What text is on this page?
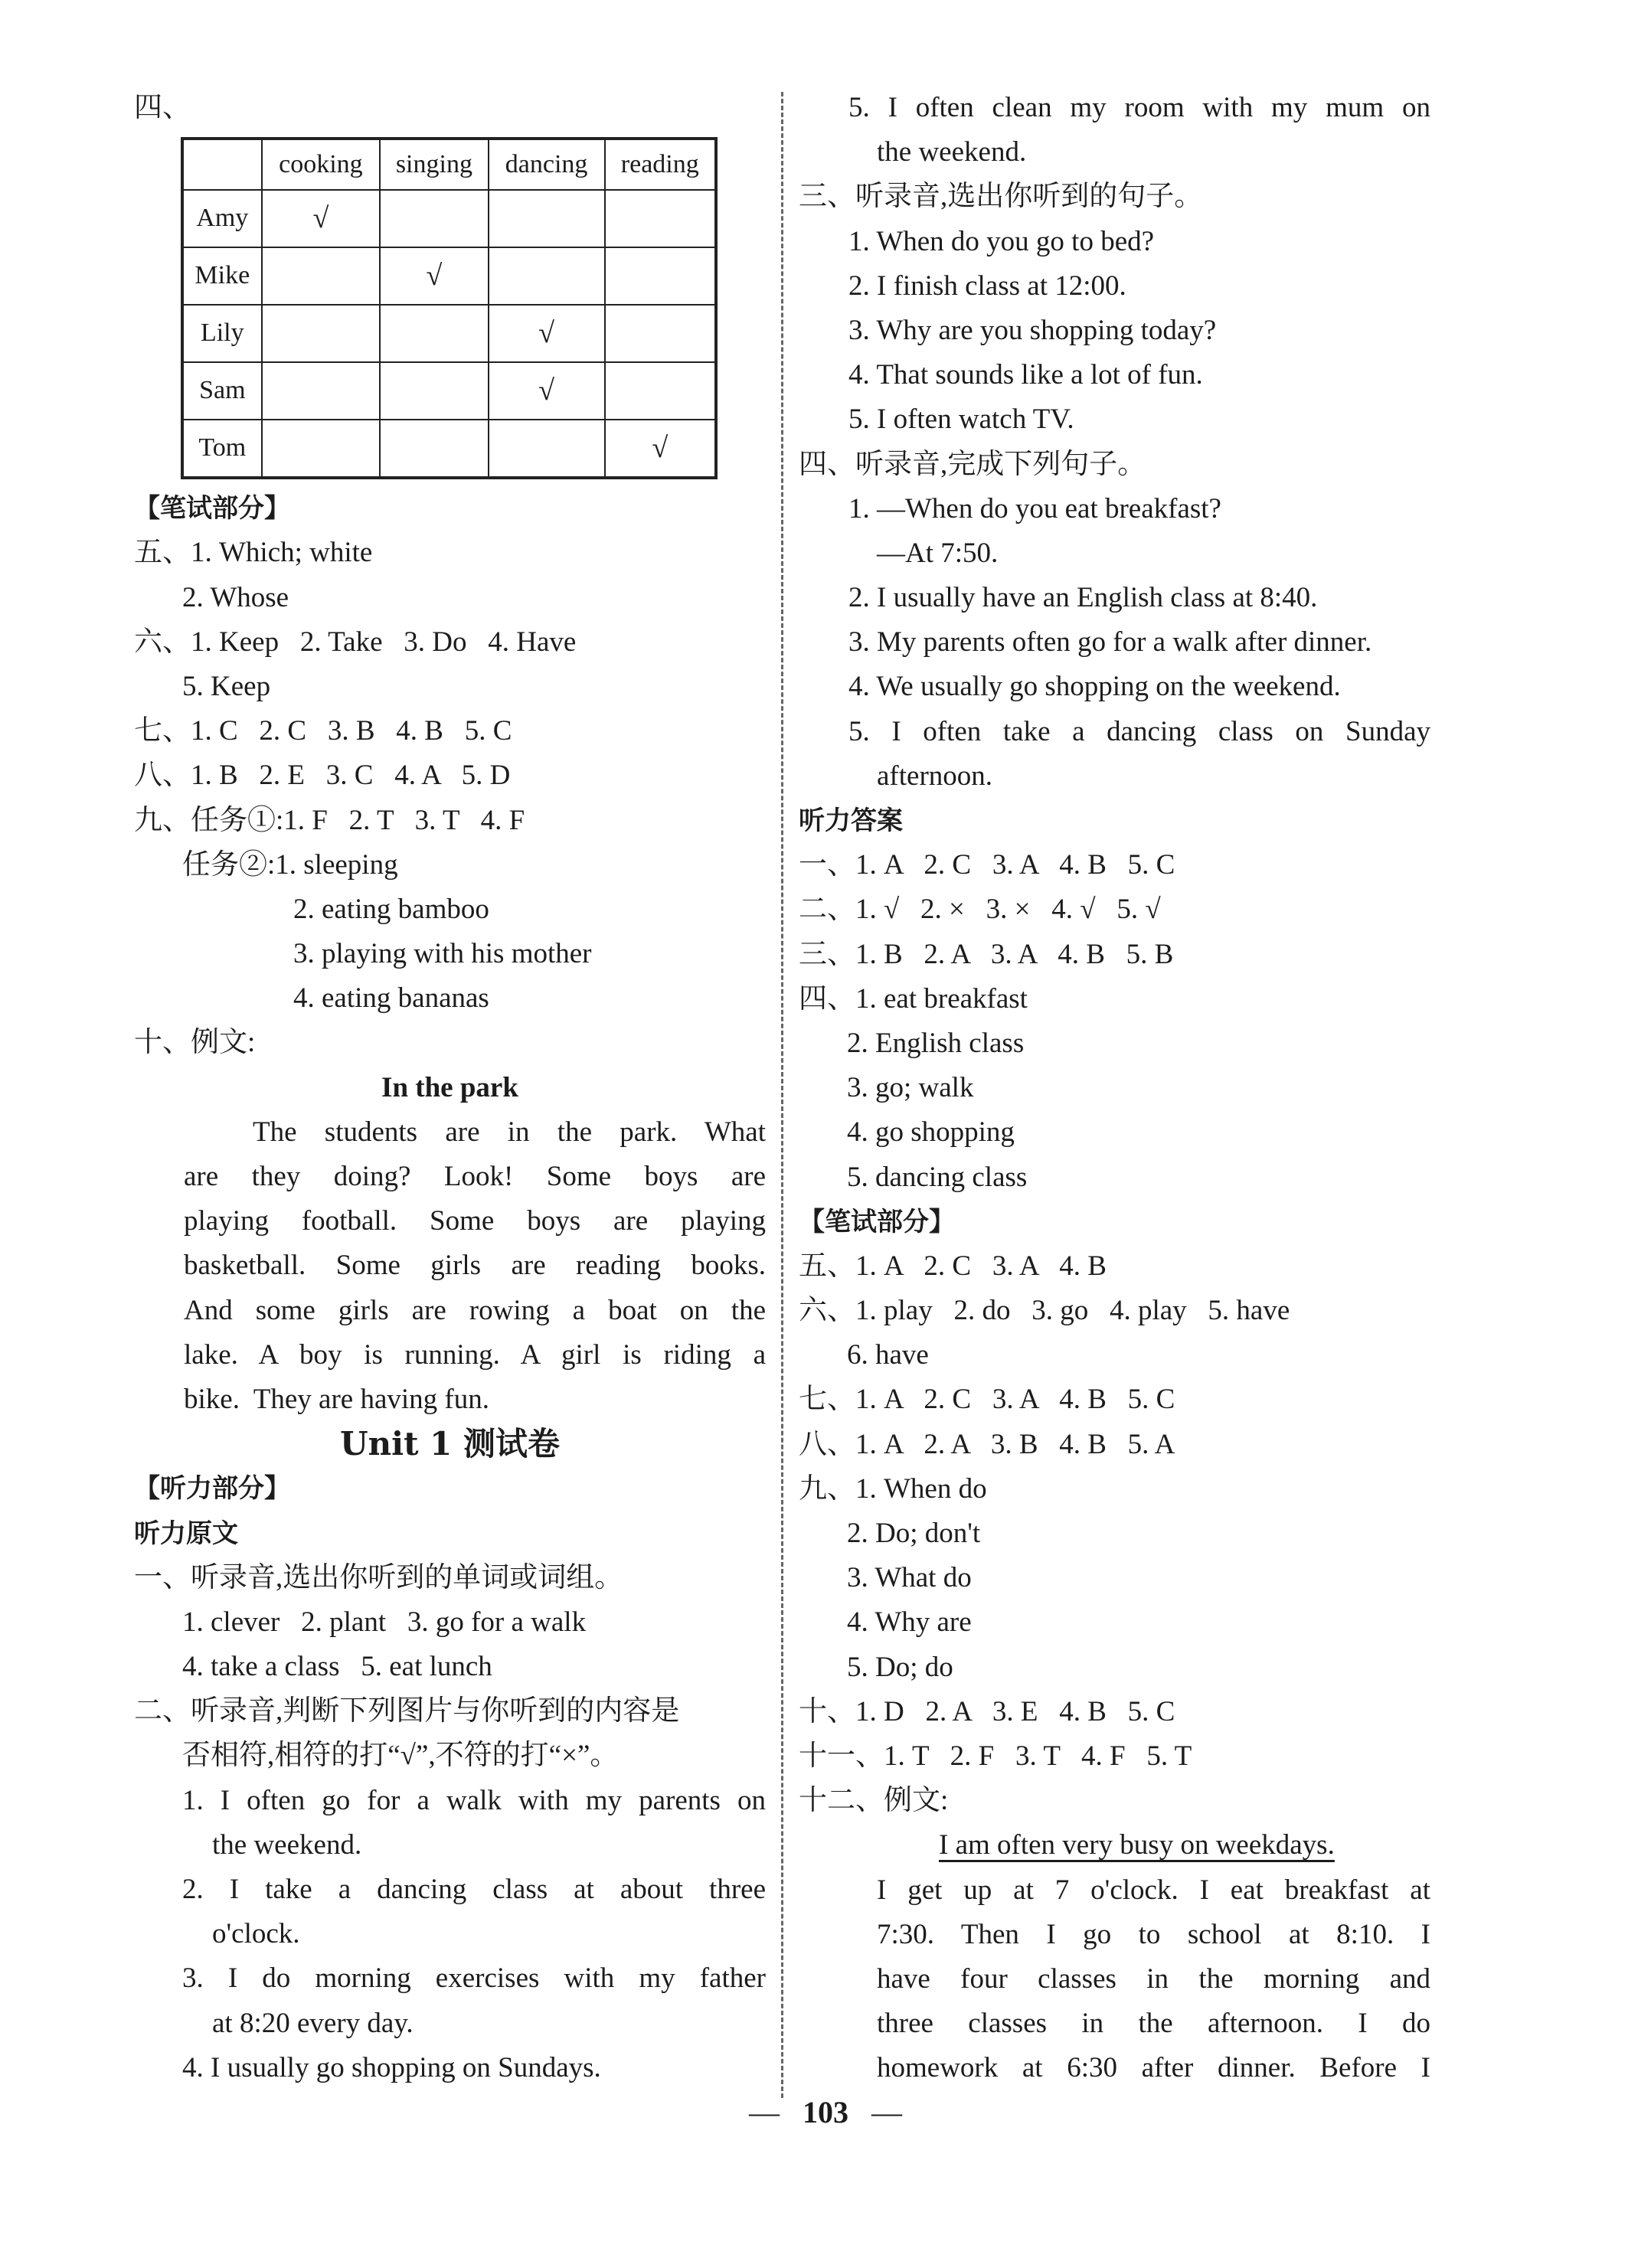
四、
	cooking	singing	dancing	reading
Amy	√			
Mike		√		
Lily			√	
Sam			√	
Tom				√
【笔试部分】
五、1. Which; white
2. Whose
六、1. Keep   2. Take   3. Do   4. Have
5. Keep
七、1. C   2. C   3. B   4. B   5. C
八、1. B   2. E   3. C   4. A   5. D
九、任务①:1. F   2. T   3. T   4. F
任务②:1. sleeping
2. eating bamboo
3. playing with his mother
4. eating bananas
十、例文:
In the park
The students are in the park. What
are they doing? Look! Some boys are
playing football. Some boys are playing
basketball. Some girls are reading books.
And some girls are rowing a boat on the
lake. A boy is running. A girl is riding a
bike.  They are having fun.
Unit 1 测试卷
【听力部分】
听力原文
一、听录音,选出你听到的单词或词组。
1. clever   2. plant   3. go for a walk
4. take a class   5. eat lunch
二、听录音,判断下列图片与你听到的内容是
否相符,相符的打“√”,不符的打“×”。
1. I often go for a walk with my parents on
the weekend.
2. I take a dancing class at about three
o'clock.
3. I do morning exercises with my father
at 8:20 every day.
4. I usually go shopping on Sundays.
5. I often clean my room with my mum on
the weekend.
三、听录音,选出你听到的句子。
1. When do you go to bed?
2. I finish class at 12:00.
3. Why are you shopping today?
4. That sounds like a lot of fun.
5. I often watch TV.
四、听录音,完成下列句子。
1. —When do you eat breakfast?
—At 7:50.
2. I usually have an English class at 8:40.
3. My parents often go for a walk after dinner.
4. We usually go shopping on the weekend.
5. I often take a dancing class on Sunday
afternoon.
听力答案
一、1. A   2. C   3. A   4. B   5. C
二、1. √   2. ×   3. ×   4. √   5. √
三、1. B   2. A   3. A   4. B   5. B
四、1. eat breakfast
2. English class
3. go; walk
4. go shopping
5. dancing class
【笔试部分】
五、1. A   2. C   3. A   4. B
六、1. play   2. do   3. go   4. play   5. have
6. have
七、1. A   2. C   3. A   4. B   5. C
八、1. A   2. A   3. B   4. B   5. A
九、1. When do
2. Do; don't
3. What do
4. Why are
5. Do; do
十、1. D   2. A   3. E   4. B   5. C
十一、1. T   2. F   3. T   4. F   5. T
十二、例文:
I am often very busy on weekdays.
I get up at 7 o'clock. I eat breakfast at
7:30. Then I go to school at 8:10. I
have four classes in the morning and
three classes in the afternoon. I do
homework at 6:30 after dinner. Before I
— 103 —
